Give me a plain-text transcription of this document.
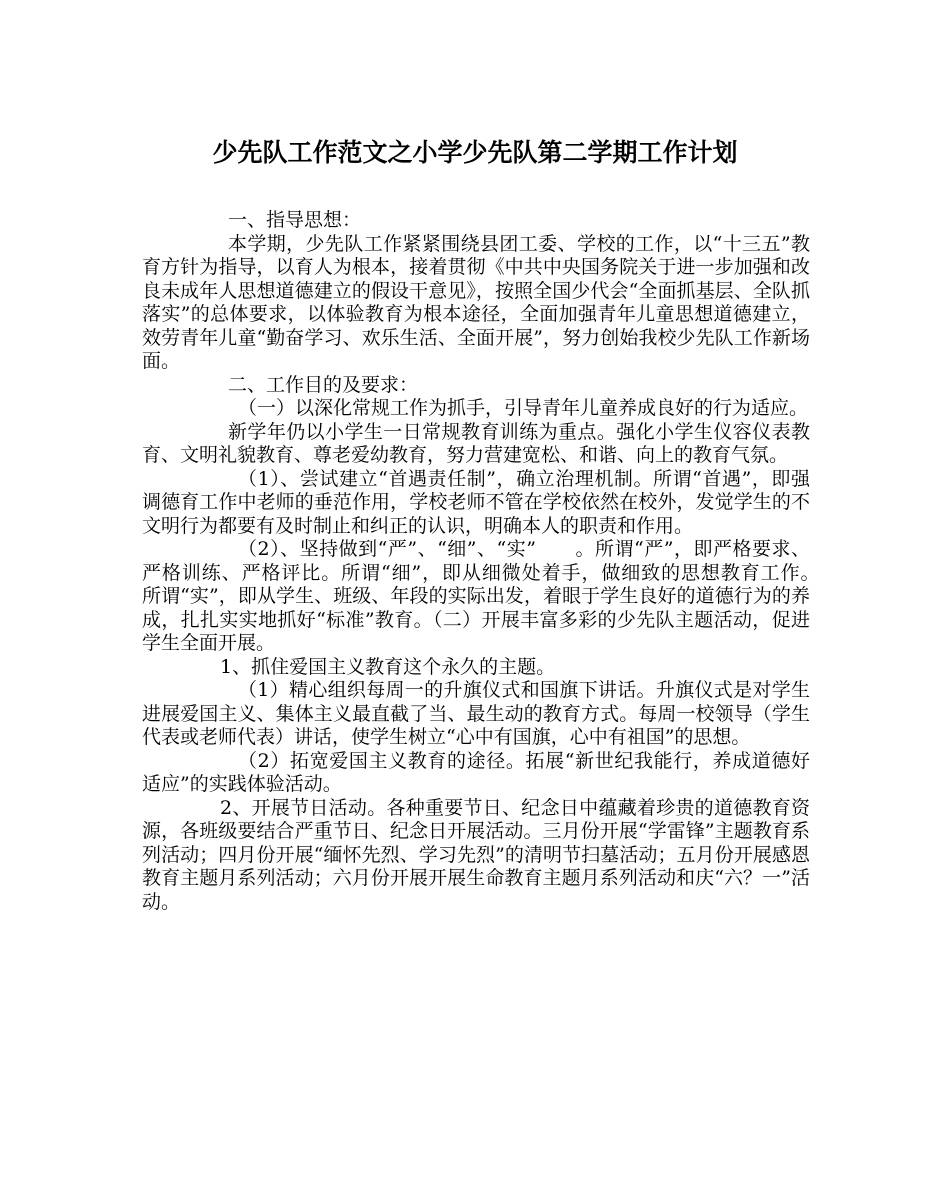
少先队工作范文之小学少先队第二学期工作计划

一、指导思想：

本学期，少先队工作紧紧围绕县团工委、学校的工作，以“十三五”教育方针为指导，以育人为根本，接着贯彻《中共中央国务院关于进一步加强和改良未成年人思想道德建立的假设干意见》，按照全国少代会“全面抓基层、全队抓落实”的总体要求，以体验教育为根本途径，全面加强青年儿童思想道德建立，效劳青年儿童“勤奋学习、欢乐生活、全面开展”，努力创始我校少先队工作新场面。

二、工作目的及要求：

（一）以深化常规工作为抓手，引导青年儿童养成良好的行为适应。

新学年仍以小学生一日常规教育训练为重点。强化小学生仪容仪表教育、文明礼貌教育、尊老爱幼教育，努力营建宽松、和谐、向上的教育气氛。

（1）、尝试建立“首遇责任制”，确立治理机制。所谓“首遇”，即强调德育工作中老师的垂范作用，学校老师不管在学校依然在校外，发觉学生的不文明行为都要有及时制止和纠正的认识，明确本人的职责和作用。

（2）、坚持做到“严”、“细”、“实”　　。所谓“严”，即严格要求、严格训练、严格评比。所谓“细”，即从细微处着手，做细致的思想教育工作。　　所谓“实”，即从学生、班级、年段的实际出发，着眼于学生良好的道德行为的养成，扎扎实实地抓好“标准”教育。（二）开展丰富多彩的少先队主题活动，促进学生全面开展。

1、抓住爱国主义教育这个永久的主题。

（1）精心组织每周一的升旗仪式和国旗下讲话。升旗仪式是对学生进展爱国主义、集体主义最直截了当、最生动的教育方式。每周一校领导（学生代表或老师代表）讲话，使学生树立“心中有国旗，心中有祖国”的思想。

（2）拓宽爱国主义教育的途径。拓展“新世纪我能行，养成道德好适应”的实践体验活动。

2、开展节日活动。各种重要节日、纪念日中蕴藏着珍贵的道德教育资源，各班级要结合严重节日、纪念日开展活动。三月份开展“学雷锋”主题教育系列活动；四月份开展“缅怀先烈、学习先烈”的清明节扫墓活动；五月份开展感恩教育主题月系列活动；六月份开展开展生命教育主题月系列活动和庆“六？一”活动。
